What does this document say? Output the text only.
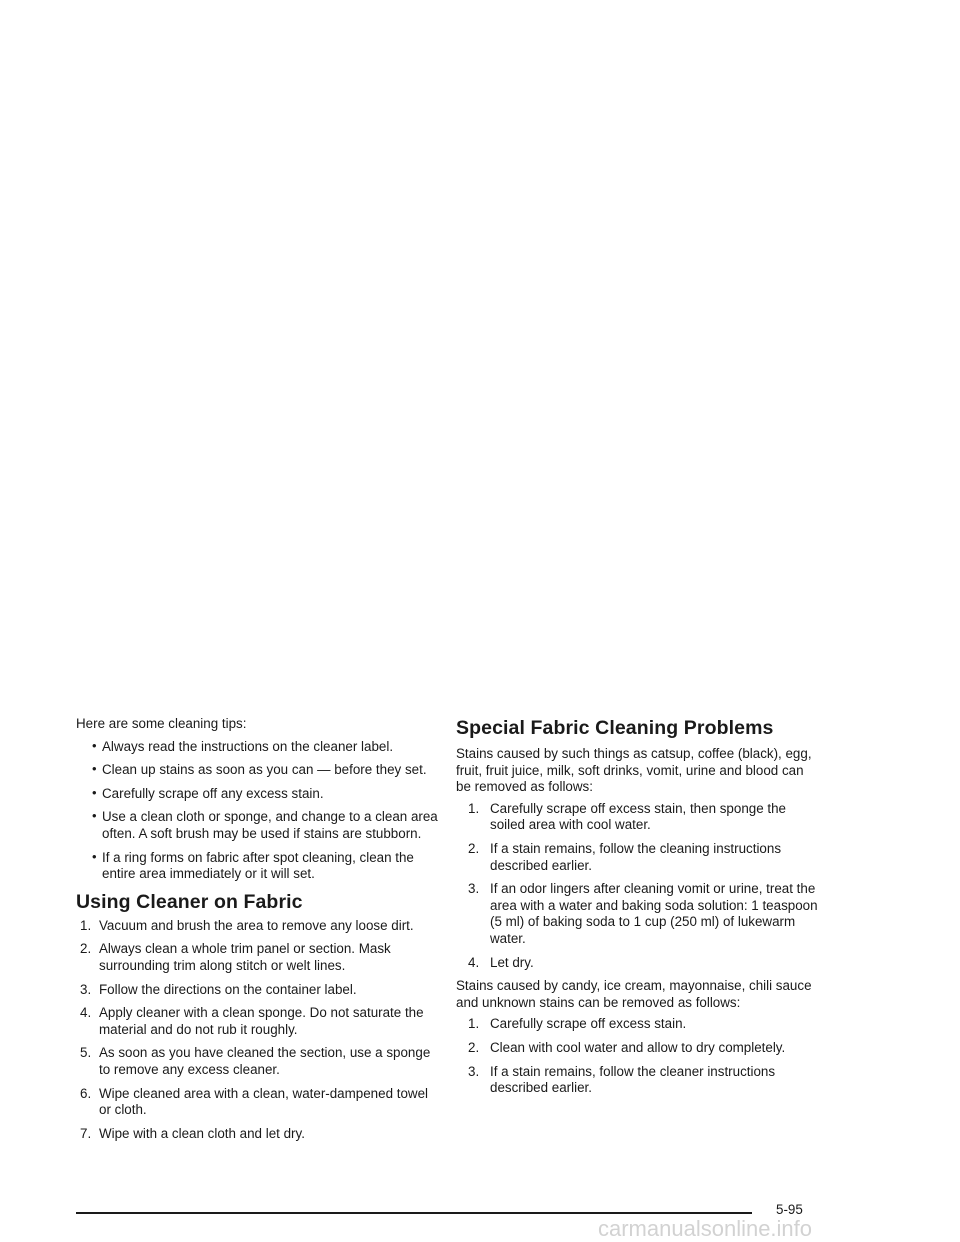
Here are some cleaning tips:

• Always read the instructions on the cleaner label.
• Clean up stains as soon as you can — before they set.
• Carefully scrape off any excess stain.
• Use a clean cloth or sponge, and change to a clean area often. A soft brush may be used if stains are stubborn.
• If a ring forms on fabric after spot cleaning, clean the entire area immediately or it will set.
Using Cleaner on Fabric
1. Vacuum and brush the area to remove any loose dirt.
2. Always clean a whole trim panel or section. Mask surrounding trim along stitch or welt lines.
3. Follow the directions on the container label.
4. Apply cleaner with a clean sponge. Do not saturate the material and do not rub it roughly.
5. As soon as you have cleaned the section, use a sponge to remove any excess cleaner.
6. Wipe cleaned area with a clean, water-dampened towel or cloth.
7. Wipe with a clean cloth and let dry.
Special Fabric Cleaning Problems

Stains caused by such things as catsup, coffee (black), egg, fruit, fruit juice, milk, soft drinks, vomit, urine and blood can be removed as follows:

1. Carefully scrape off excess stain, then sponge the soiled area with cool water.
2. If a stain remains, follow the cleaning instructions described earlier.
3. If an odor lingers after cleaning vomit or urine, treat the area with a water and baking soda solution: 1 teaspoon (5 ml) of baking soda to 1 cup (250 ml) of lukewarm water.
4. Let dry.

Stains caused by candy, ice cream, mayonnaise, chili sauce and unknown stains can be removed as follows:

1. Carefully scrape off excess stain.
2. Clean with cool water and allow to dry completely.
3. If a stain remains, follow the cleaner instructions described earlier.
5-95
carmanualsonline.info
